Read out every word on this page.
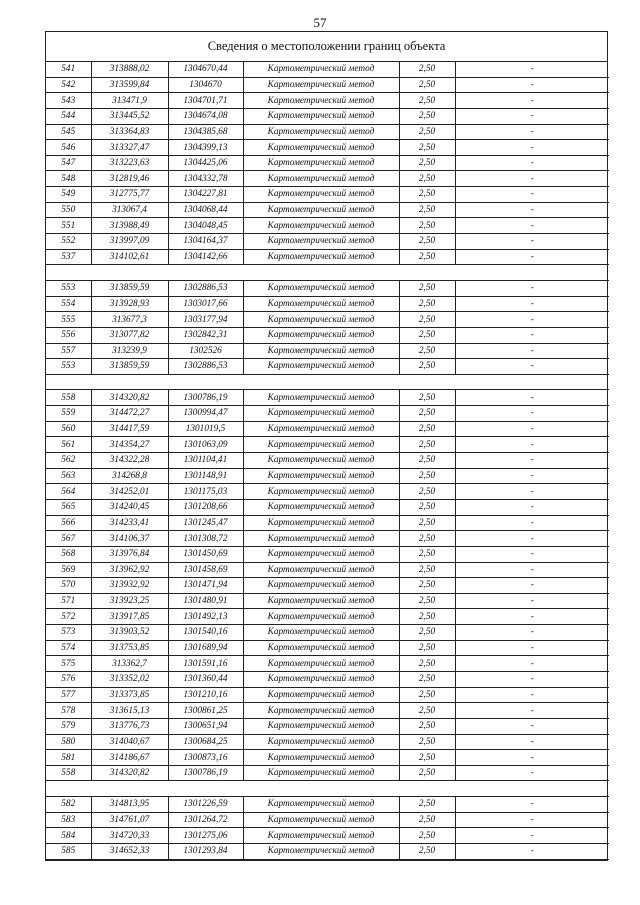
57
Сведения о местоположении границ объекта
541	313888,02	1304670,44	Картометрический метод	2,50	-
542	313599,84	1304670	Картометрический метод	2,50	-
543	313471,9	1304701,71	Картометрический метод	2,50	-
544	313445,52	1304674,08	Картометрический метод	2,50	-
545	313364,83	1304385,68	Картометрический метод	2,50	-
546	313327,47	1304399,13	Картометрический метод	2,50	-
547	313223,63	1304425,06	Картометрический метод	2,50	-
548	312819,46	1304332,78	Картометрический метод	2,50	-
549	312775,77	1304227,81	Картометрический метод	2,50	-
550	313067,4	1304068,44	Картометрический метод	2,50	-
551	313988,49	1304048,45	Картометрический метод	2,50	-
552	313997,09	1304164,37	Картометрический метод	2,50	-
537	314102,61	1304142,66	Картометрический метод	2,50	-

553	313859,59	1302886,53	Картометрический метод	2,50	-
554	313928,93	1303017,66	Картометрический метод	2,50	-
555	313677,3	1303177,94	Картометрический метод	2,50	-
556	313077,82	1302842,31	Картометрический метод	2,50	-
557	313239,9	1302526	Картометрический метод	2,50	-
553	313859,59	1302886,53	Картометрический метод	2,50	-

558	314320,82	1300786,19	Картометрический метод	2,50	-
559	314472,27	1300994,47	Картометрический метод	2,50	-
560	314417,59	1301019,5	Картометрический метод	2,50	-
561	314354,27	1301063,09	Картометрический метод	2,50	-
562	314322,28	1301104,41	Картометрический метод	2,50	-
563	314268,8	1301148,91	Картометрический метод	2,50	-
564	314252,01	1301175,03	Картометрический метод	2,50	-
565	314240,45	1301208,66	Картометрический метод	2,50	-
566	314233,41	1301245,47	Картометрический метод	2,50	-
567	314106,37	1301308,72	Картометрический метод	2,50	-
568	313976,84	1301450,69	Картометрический метод	2,50	-
569	313962,92	1301458,69	Картометрический метод	2,50	-
570	313932,92	1301471,94	Картометрический метод	2,50	-
571	313923,25	1301480,91	Картометрический метод	2,50	-
572	313917,85	1301492,13	Картометрический метод	2,50	-
573	313903,52	1301540,16	Картометрический метод	2,50	-
574	313753,85	1301689,94	Картометрический метод	2,50	-
575	313362,7	1301591,16	Картометрический метод	2,50	-
576	313352,02	1301360,44	Картометрический метод	2,50	-
577	313373,85	1301210,16	Картометрический метод	2,50	-
578	313615,13	1300861,25	Картометрический метод	2,50	-
579	313776,73	1300651,94	Картометрический метод	2,50	-
580	314040,67	1300684,25	Картометрический метод	2,50	-
581	314186,67	1300873,16	Картометрический метод	2,50	-
558	314320,82	1300786,19	Картометрический метод	2,50	-

582	314813,95	1301226,59	Картометрический метод	2,50	-
583	314761,07	1301264,72	Картометрический метод	2,50	-
584	314720,33	1301275,06	Картометрический метод	2,50	-
585	314652,33	1301293,84	Картометрический метод	2,50	-
